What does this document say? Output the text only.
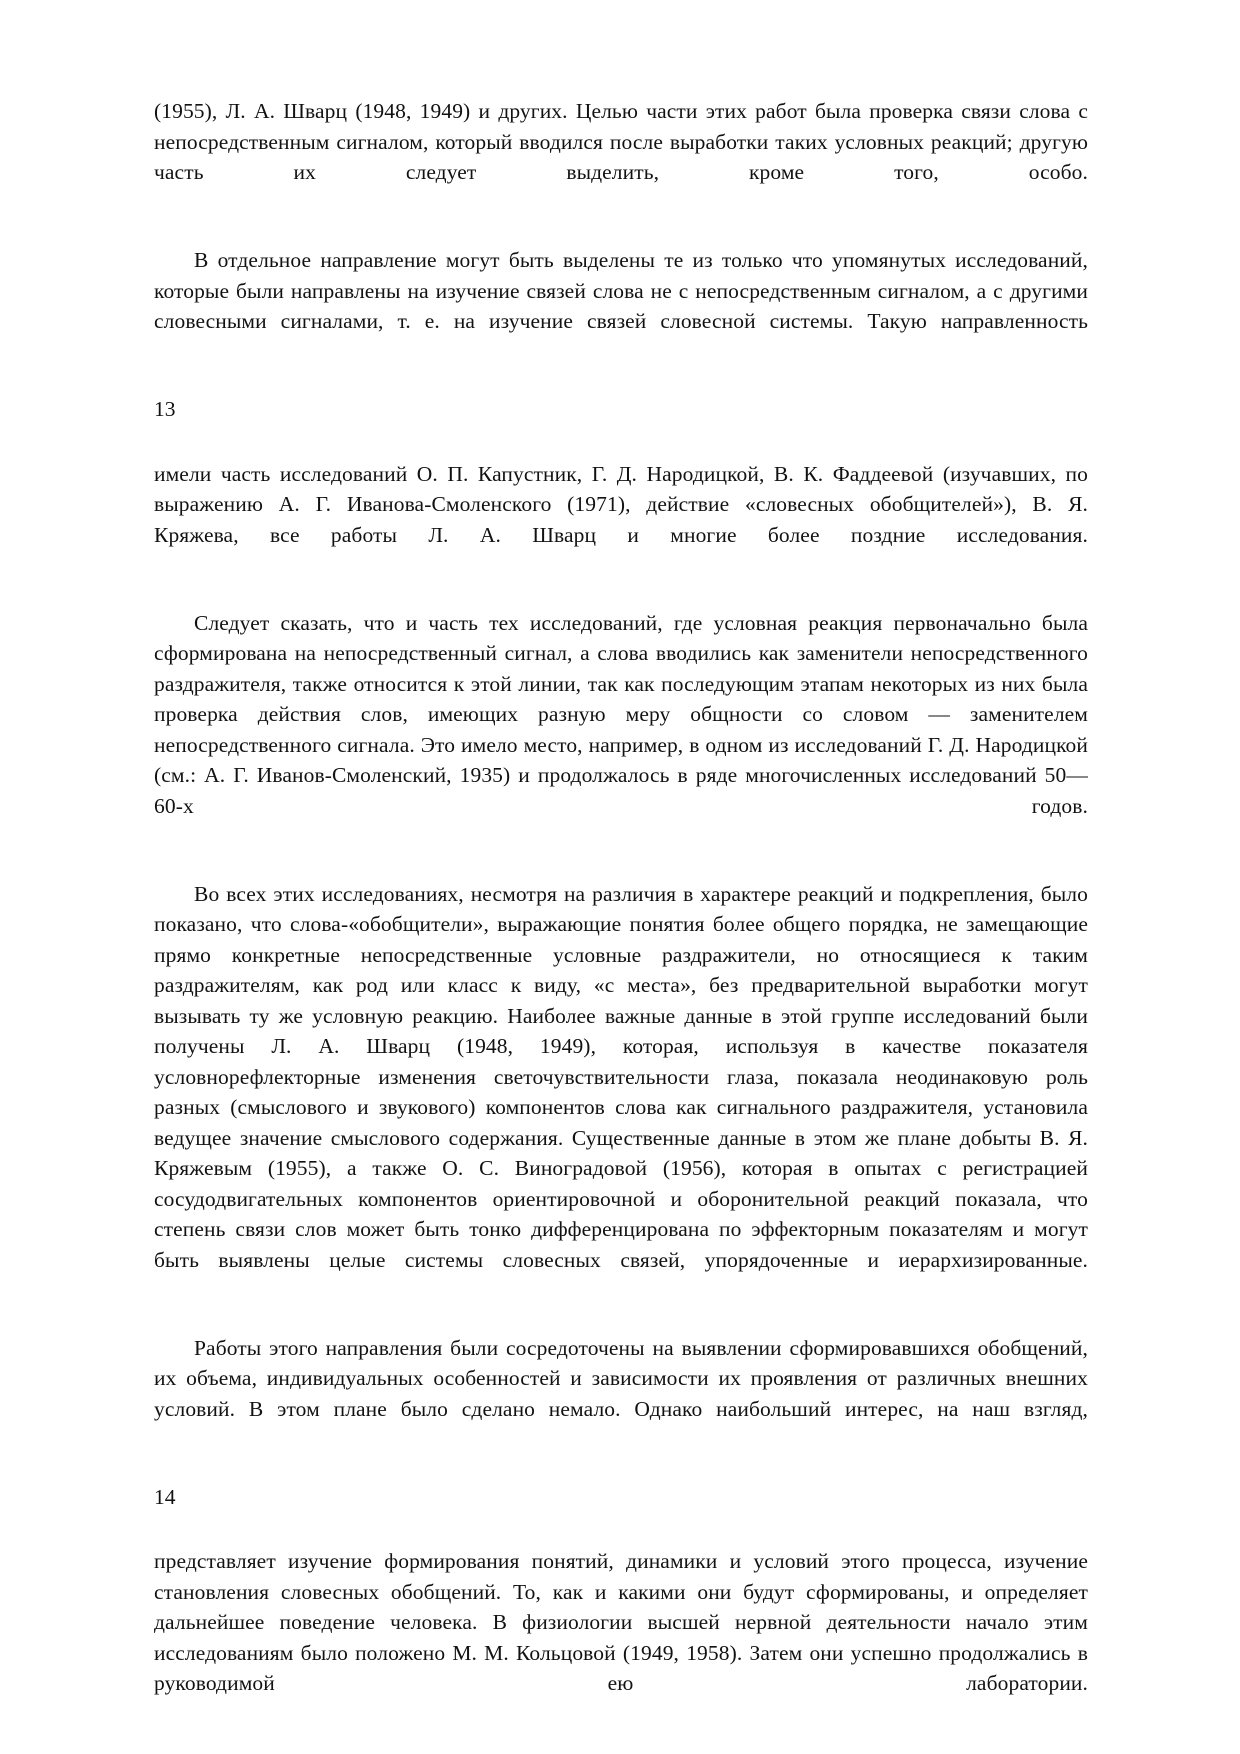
(1955), Л. А. Шварц (1948, 1949) и других. Целью части этих работ была проверка связи слова с непосредственным сигналом, который вводился после выработки таких условных реакций; другую часть их следует выделить, кроме того, особо.

В отдельное направление могут быть выделены те из только что упомянутых исследований, которые были направлены на изучение связей слова не с непосредственным сигналом, а с другими словесными сигналами, т. е. на изучение связей словесной системы. Такую направленность

13

имели часть исследований О. П. Капустник, Г. Д. Народицкой, В. К. Фаддеевой (изучавших, по выражению А. Г. Иванова-Смоленского (1971), действие «словесных обобщителей»), В. Я. Кряжева, все работы Л. А. Шварц и многие более поздние исследования.

Следует сказать, что и часть тех исследований, где условная реакция первоначально была сформирована на непосредственный сигнал, а слова вводились как заменители непосредственного раздражителя, также относится к этой линии, так как последующим этапам некоторых из них была проверка действия слов, имеющих разную меру общности со словом — заменителем непосредственного сигнала. Это имело место, например, в одном из исследований Г. Д. Народицкой (см.: А. Г. Иванов-Смоленский, 1935) и продолжалось в ряде многочисленных исследований 50—60-х годов.

Во всех этих исследованиях, несмотря на различия в характере реакций и подкрепления, было показано, что слова-«обобщители», выражающие понятия более общего порядка, не замещающие прямо конкретные непосредственные условные раздражители, но относящиеся к таким раздражителям, как род или класс к виду, «с места», без предварительной выработки могут вызывать ту же условную реакцию. Наиболее важные данные в этой группе исследований были получены Л. А. Шварц (1948, 1949), которая, используя в качестве показателя условнорефлекторные изменения светочувствительности глаза, показала неодинаковую роль разных (смыслового и звукового) компонентов слова как сигнального раздражителя, установила ведущее значение смыслового содержания. Существенные данные в этом же плане добыты В. Я. Кряжевым (1955), а также О. С. Виноградовой (1956), которая в опытах с регистрацией сосудодвигательных компонентов ориентировочной и оборонительной реакций показала, что степень связи слов может быть тонко дифференцирована по эффекторным показателям и могут быть выявлены целые системы словесных связей, упорядоченные и иерархизированные.

Работы этого направления были сосредоточены на выявлении сформировавшихся обобщений, их объема, индивидуальных особенностей и зависимости их проявления от различных внешних условий. В этом плане было сделано немало. Однако наибольший интерес, на наш взгляд,

14

представляет изучение формирования понятий, динамики и условий этого процесса, изучение становления словесных обобщений. То, как и какими они будут сформированы, и определяет дальнейшее поведение человека. В физиологии высшей нервной деятельности начало этим исследованиям было положено М. М. Кольцовой (1949, 1958). Затем они успешно продолжались в руководимой ею лаборатории.
